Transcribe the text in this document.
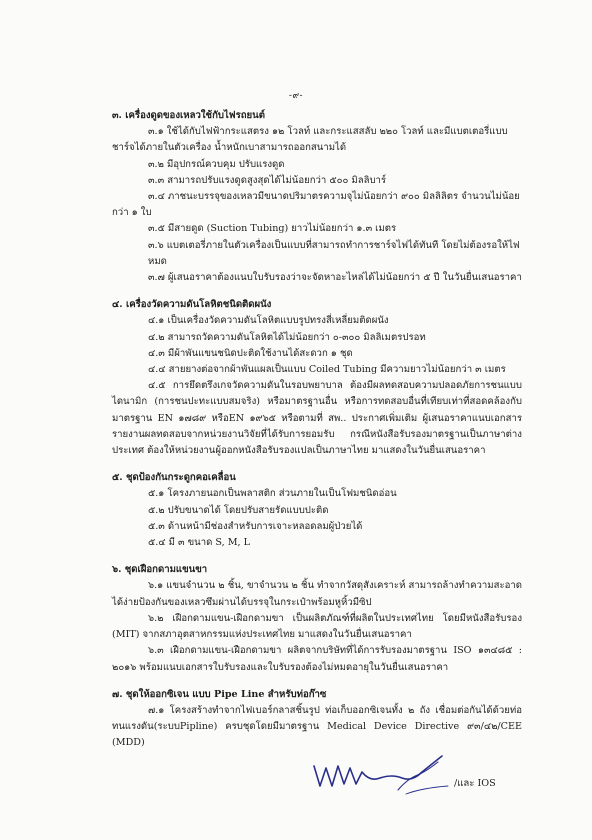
-๙-
๓. เครื่องดูดของเหลวใช้กับไฟรถยนต์
๓.๑ ใช้ได้กับไฟฟ้ากระแสตรง ๑๒ โวลท์ และกระแสสลับ ๒๒๐ โวลท์ และมีแบตเตอรี่แบบ
ชาร์จได้ภายในตัวเครื่อง น้ำหนักเบาสามารถออกสนามได้
๓.๒ มีอุปกรณ์ควบคุม ปรับแรงดูด
๓.๓ สามารถปรับแรงดูดสูงสุดได้ไม่น้อยกว่า ๕๐๐ มิลลิบาร์
๓.๔ ภาชนะบรรจุของเหลวมีขนาดปริมาตรความจุไม่น้อยกว่า ๙๐๐ มิลลิลิตร จำนวนไม่น้อย
กว่า ๑ ใบ
๓.๕ มีสายดูด (Suction Tubing) ยาวไม่น้อยกว่า ๑.๓ เมตร
๓.๖ แบตเตอรี่ภายในตัวเครื่องเป็นแบบที่สามารถทำการชาร์จไฟได้ทันที โดยไม่ต้องรอให้ไฟหมด
๓.๗ ผู้เสนอราคาต้องแนบใบรับรองว่าจะจัดหาอะไหล่ได้ไม่น้อยกว่า ๕ ปี ในวันยื่นเสนอราคา
๔. เครื่องวัดความดันโลหิตชนิดติดผนัง
๔.๑ เป็นเครื่องวัดความดันโลหิตแบบรูปทรงสี่เหลี่ยมติดผนัง
๔.๒ สามารถวัดความดันโลหิตได้ไม่น้อยกว่า ๐-๓๐๐ มิลลิเมตรปรอท
๔.๓ มีผ้าพันแขนชนิดปะติดใช้งานได้สะดวก ๑ ชุด
๔.๔ สายยางต่อจากผ้าพันแผลเป็นแบบ Coiled Tubing มีความยาวไม่น้อยกว่า ๓ เมตร
๔.๕ การยึดตรึงเกจวัดความดันในรอบพยาบาล ต้องมีผลทดสอบความปลอดภัยการชนแบบไดนามิก (การชนปะทะแบบสมจริง) หรือมาตรฐานอื่น หรือการทดสอบอื่นที่เทียบเท่าที่สอดคล้องกับมาตรฐาน EN ๑๗๘๙ หรือEN ๑๙๖๕ หรือตามที่ สพ.. ประกาศเพิ่มเติม ผู้เสนอราคาแนบเอกสารรายงานผลทดสอบจากหน่วยงานวิจัยที่ได้รับการยอมรับ กรณีหนังสือรับรองมาตรฐานเป็นภาษาต่างประเทศ ต้องให้หน่วยงานผู้ออกหนังสือรับรองแปลเป็นภาษาไทย มาแสดงในวันยื่นเสนอราคา
๕. ชุดป้องกันกระดูกคอเคลื่อน
๕.๑ โครงภายนอกเป็นพลาสติก ส่วนภายในเป็นโฟมชนิดอ่อน
๕.๒ ปรับขนาดได้ โดยปรับสายรัดแบบปะติด
๕.๓ ด้านหน้ามีช่องสำหรับการเจาะหลอดลมผู้ป่วยได้
๕.๔ มี ๓ ขนาด S, M, L
๖. ชุดเฝือกดามแขนขา
๖.๑ แขนจำนวน ๒ ชิ้น, ขาจำนวน ๒ ชิ้น ทำจากวัสดุสังเคราะห์ สามารถล้างทำความสะอาดได้ง่ายป้องกันของเหลวซึมผ่านได้บรรจุในกระเป๋าพร้อมหูหิ้วมีซิป
๖.๒ เฝือกดามแขน-เฝือกดามขา เป็นผลิตภัณฑ์ที่ผลิตในประเทศไทย โดยมีหนังสือรับรอง (MIT) จากสภาอุตสาหกรรมแห่งประเทศไทย มาแสดงในวันยื่นเสนอราคา
๖.๓ เฝือกดามแขน-เฝือกดามขา ผลิตจากบริษัทที่ได้การรับรองมาตรฐาน ISO ๑๓๔๘๕ : ๒๐๑๖ พร้อมแนบเอกสารใบรับรองและใบรับรองต้องไม่หมดอายุในวันยื่นเสนอราคา
๗. ชุดให้ออกซิเจน แบบ Pipe Line สำหรับท่อก๊าซ
๗.๑ โครงสร้างทำจากไฟเบอร์กลาสชิ้นรูป ท่อเก็บออกซิเจนทั้ง ๒ ถัง เชื่อมต่อกันได้ด้วยท่อทนแรงดัน(ระบบPipline) ครบชุดโดยมีมาตรฐาน Medical Device Directive ๙๓/๔๒/CEE (MDD)
/และ IOS
